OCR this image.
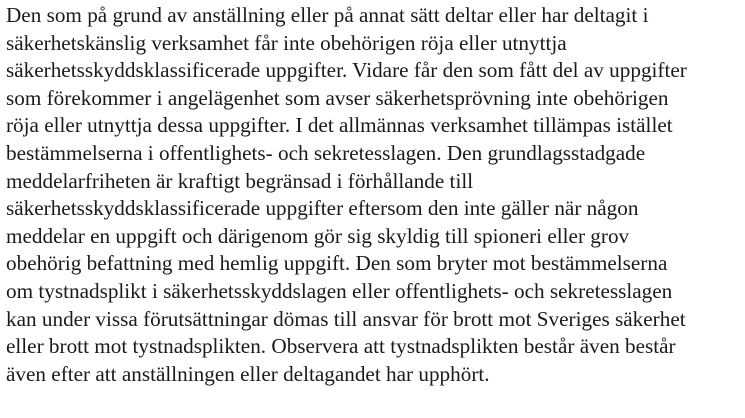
Den som på grund av anställning eller på annat sätt deltar eller har deltagit i
säkerhetskänslig verksamhet får inte obehörigen röja eller utnyttja
säkerhetsskyddsklassificerade uppgifter. Vidare får den som fått del av uppgifter
som förekommer i angelägenhet som avser säkerhetsprövning inte obehörigen
röja eller utnyttja dessa uppgifter. I det allmännas verksamhet tillämpas istället
bestämmelserna i offentlighets- och sekretesslagen. Den grundlagsstadgade
meddelarfriheten är kraftigt begränsad i förhållande till
säkerhetsskyddsklassificerade uppgifter eftersom den inte gäller när någon
meddelar en uppgift och därigenom gör sig skyldig till spioneri eller grov
obehörig befattning med hemlig uppgift. Den som bryter mot bestämmelserna
om tystnadsplikt i säkerhetsskyddslagen eller offentlighets- och sekretesslagen
kan under vissa förutsättningar dömas till ansvar för brott mot Sveriges säkerhet
eller brott mot tystnadsplikten. Observera att tystnadsplikten består även består
även efter att anställningen eller deltagandet har upphört.
